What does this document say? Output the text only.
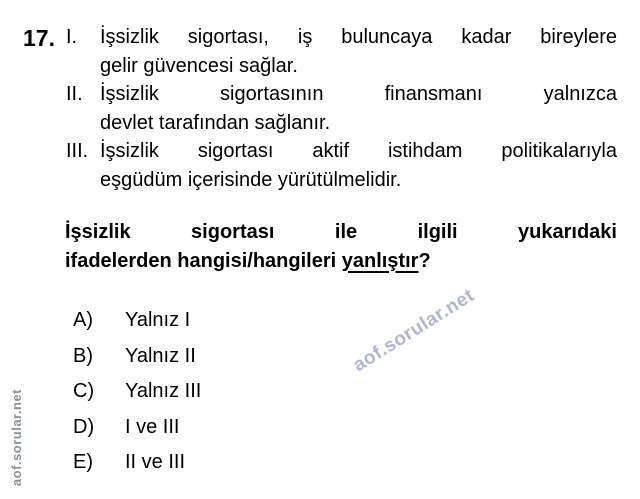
17. I. İşsizlik sigortası, iş buluncaya kadar bireylere
gelir güvencesi sağlar.
II. İşsizlik sigortasının finansmanı yalnızca
devlet tarafından sağlanır.
III. İşsizlik sigortası aktif istihdam politikalarıyla
eşgüdüm içerisinde yürütülmelidir.
İşsizlik sigortası ile ilgili yukarıdaki
ifadelerden hangisi/hangileri yanlıştır?
A) Yalnız I
B) Yalnız II
C) Yalnız III
D) I ve III
E) II ve III
aof.sorular.net
aof.sorular.net
